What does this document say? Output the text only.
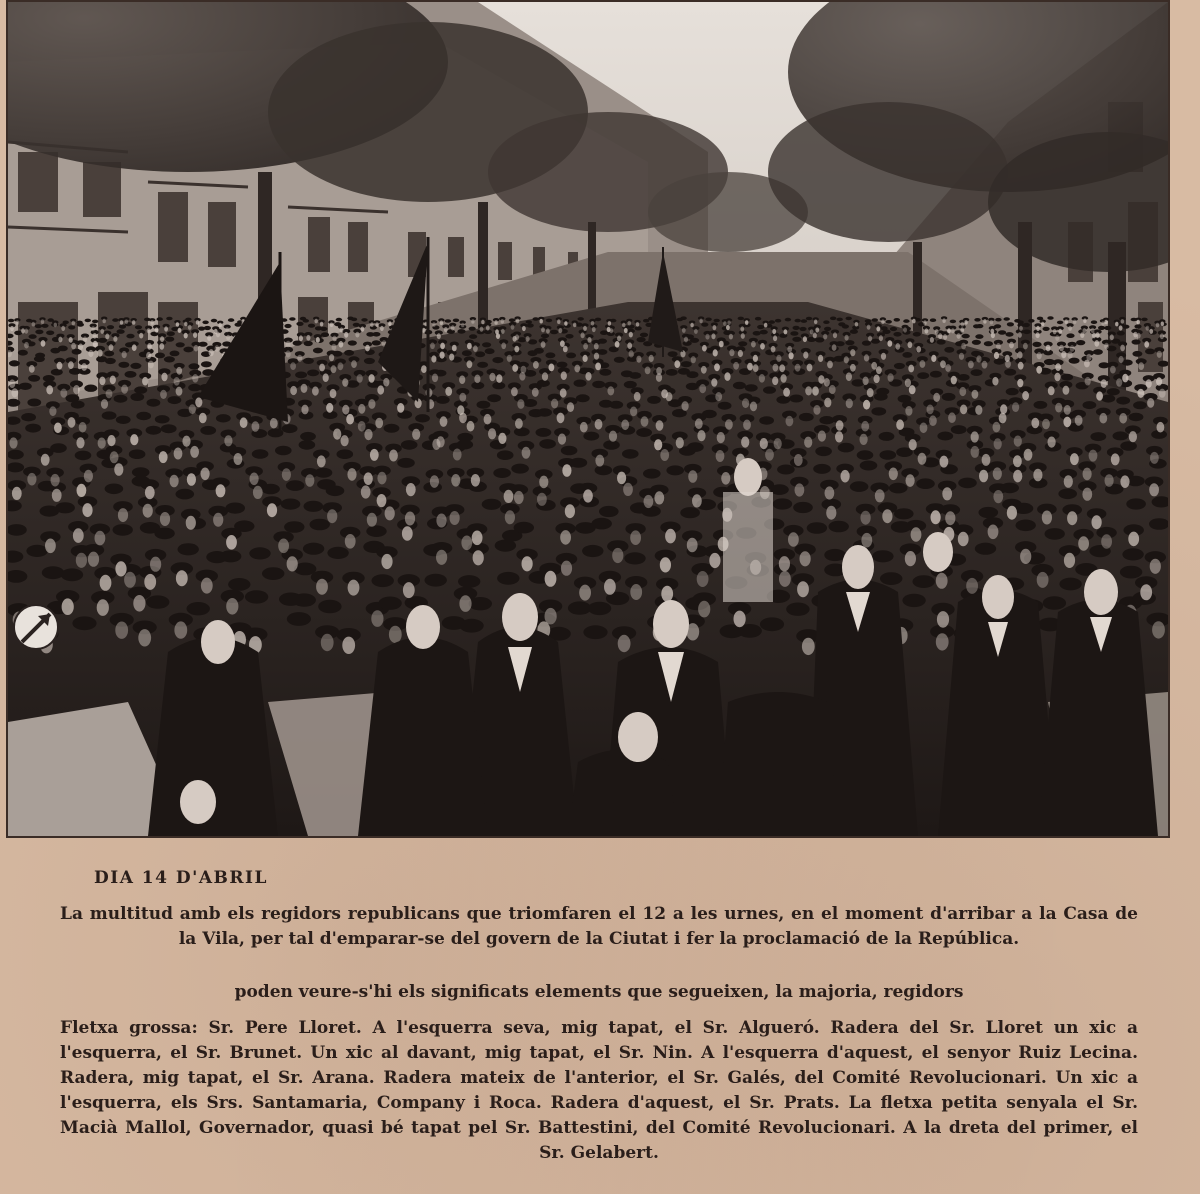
DIA 14 D'ABRIL
La multitud amb els regidors republicans que triomfaren el 12 a les urnes, en el moment d'arribar a la Casa de la Vila, per tal d'emparar-se del govern de la Ciutat i fer la proclamació de la República.
poden veure-s'hi els significats elements que segueixen, la majoria, regidors
Fletxa grossa: Sr. Pere Lloret. A l'esquerra seva, mig tapat, el Sr. Algueró. Radera del Sr. Lloret un xic a l'esquerra, el Sr. Brunet. Un xic al davant, mig tapat, el Sr. Nin. A l'esquerra d'aquest, el senyor Ruiz Lecina. Radera, mig tapat, el Sr. Arana. Radera mateix de l'anterior, el Sr. Galés, del Comité Revolucionari. Un xic a l'esquerra, els Srs. Santamaria, Company i Roca. Radera d'aquest, el Sr. Prats. La fletxa petita senyala el Sr. Macià Mallol, Governador, quasi bé tapat pel Sr. Battestini, del Comité Revolucionari. A la dreta del primer, el Sr. Gelabert.
